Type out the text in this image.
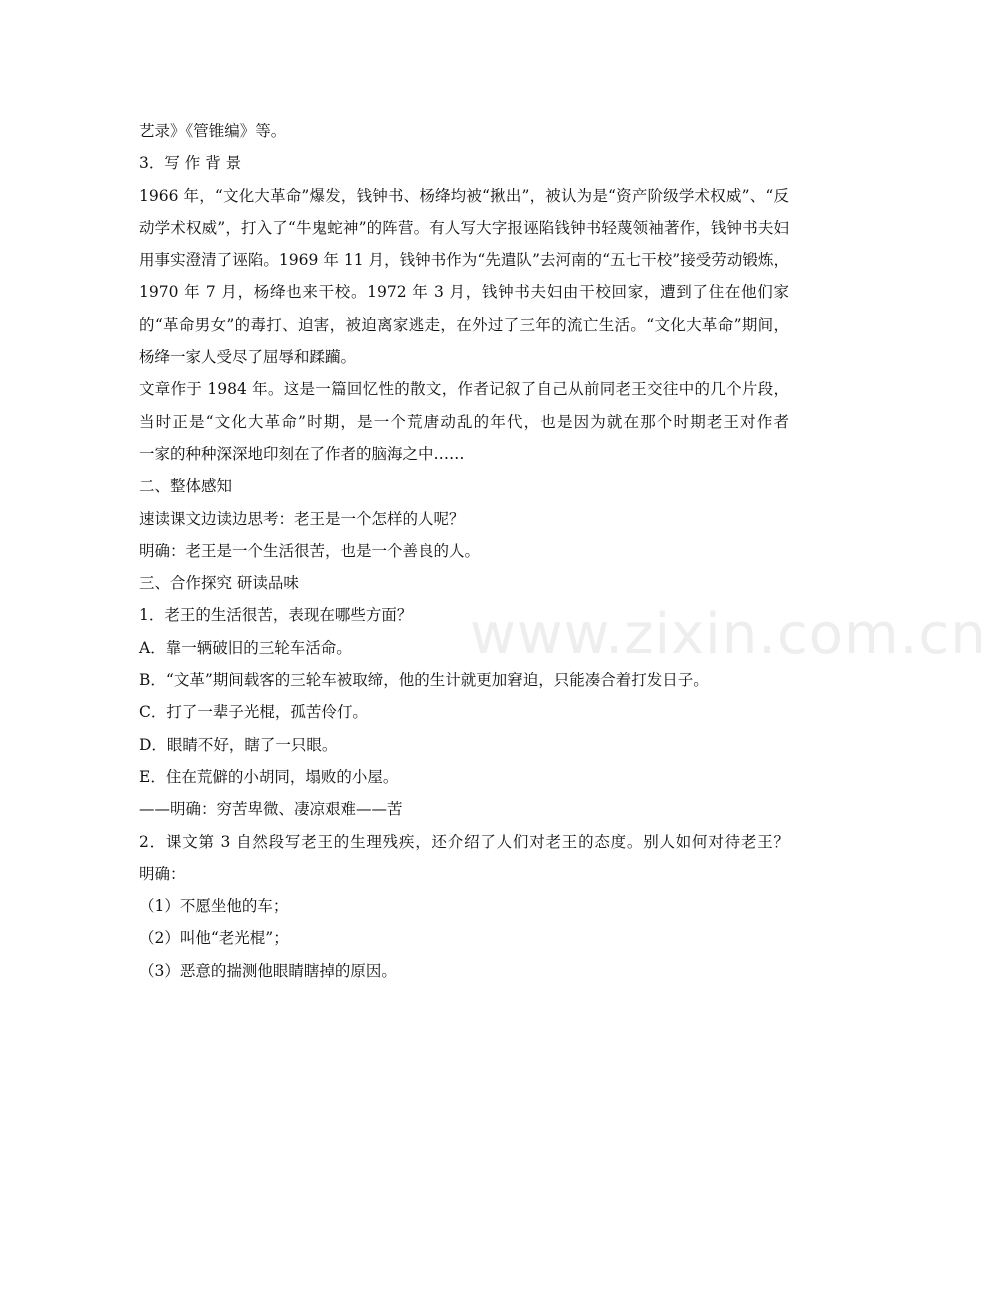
艺录》《管锥编》等。
3．写 作 背 景
1966 年，“文化大革命”爆发，钱钟书、杨绛均被“揪出”，被认为是“资产阶级学术权威”、“反动学术权威”，打入了“牛鬼蛇神”的阵营。有人写大字报诬陷钱钟书轻蔑领袖著作，钱钟书夫妇用事实澄清了诬陷。1969 年 11 月，钱钟书作为“先遣队”去河南的“五七干校”接受劳动锻炼，1970 年 7 月，杨绛也来干校。1972 年 3 月，钱钟书夫妇由干校回家，遭到了住在他们家的“革命男女”的毒打、迫害，被迫离家逃走，在外过了三年的流亡生活。“文化大革命”期间，杨绛一家人受尽了屈辱和蹂躏。
文章作于 1984 年。这是一篇回忆性的散文，作者记叙了自己从前同老王交往中的几个片段，
当时正是“文化大革命”时期，是一个荒唐动乱的年代，也是因为就在那个时期老王对作者
一家的种种深深地印刻在了作者的脑海之中……
二、整体感知
速读课文边读边思考：老王是一个怎样的人呢？
明确：老王是一个生活很苦，也是一个善良的人。
三、合作探究 研读品味
1．老王的生活很苦，表现在哪些方面？
A．靠一辆破旧的三轮车活命。
B．“文革”期间载客的三轮车被取缔，他的生计就更加窘迫，只能凑合着打发日子。
C．打了一辈子光棍，孤苦伶仃。
D．眼睛不好，瞎了一只眼。
E．住在荒僻的小胡同，塌败的小屋。
——明确：穷苦卑微、凄凉艰难——苦
2．课文第 3 自然段写老王的生理残疾，还介绍了人们对老王的态度。别人如何对待老王？
明确：
（1）不愿坐他的车；
（2）叫他“老光棍”；
（3）恶意的揣测他眼睛瞎掉的原因。
www.zixin.com.cn
